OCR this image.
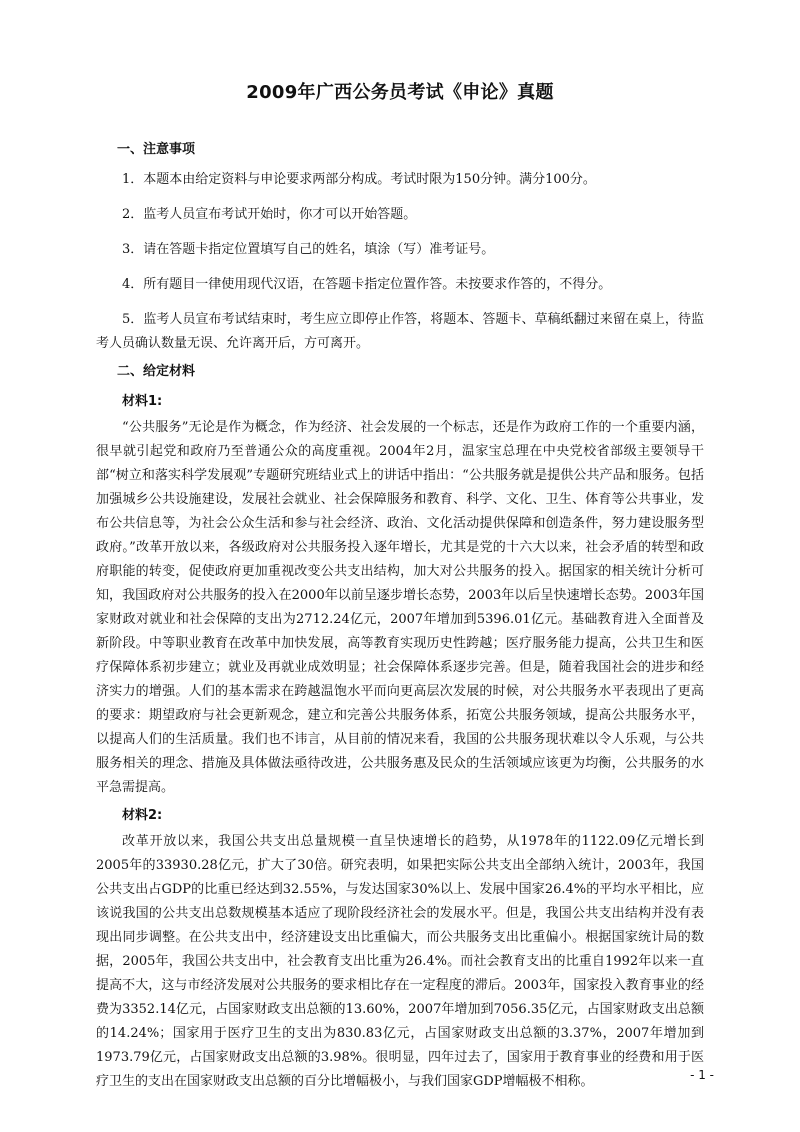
2009年广西公务员考试《申论》真题
一、注意事项

1．本题本由给定资料与申论要求两部分构成。考试时限为150分钟。满分100分。

2．监考人员宣布考试开始时，你才可以开始答题。

3．请在答题卡指定位置填写自己的姓名，填涂（写）准考证号。

4．所有题目一律使用现代汉语，在答题卡指定位置作答。未按要求作答的，不得分。

5．监考人员宣布考试结束时，考生应立即停止作答，将题本、答题卡、草稿纸翻过来留在桌上，待监考人员确认数量无误、允许离开后，方可离开。

二、给定材料
材料1:

“公共服务”无论是作为概念，作为经济、社会发展的一个标志，还是作为政府工作的一个重要内涵，很早就引起党和政府乃至普通公众的高度重视。2004年2月，温家宝总理在中央党校省部级主要领导干部“树立和落实科学发展观”专题研究班结业式上的讲话中指出：“公共服务就是提供公共产品和服务。包括加强城乡公共设施建设，发展社会就业、社会保障服务和教育、科学、文化、卫生、体育等公共事业，发布公共信息等，为社会公众生活和参与社会经济、政治、文化活动提供保障和创造条件，努力建设服务型政府。”改革开放以来，各级政府对公共服务投入逐年增长，尤其是党的十六大以来，社会矛盾的转型和政府职能的转变，促使政府更加重视改变公共支出结构，加大对公共服务的投入。据国家的相关统计分析可知，我国政府对公共服务的投入在2000年以前呈逐步增长态势，2003年以后呈快速增长态势。2003年国家财政对就业和社会保障的支出为2712.24亿元，2007年增加到5396.01亿元。基础教育进入全面普及新阶段。中等职业教育在改革中加快发展，高等教育实现历史性跨越；医疗服务能力提高，公共卫生和医疗保障体系初步建立；就业及再就业成效明显；社会保障体系逐步完善。但是，随着我国社会的进步和经济实力的增强。人们的基本需求在跨越温饱水平而向更高层次发展的时候，对公共服务水平表现出了更高的要求：期望政府与社会更新观念，建立和完善公共服务体系，拓宽公共服务领域，提高公共服务水平，以提高人们的生活质量。我们也不讳言，从目前的情况来看，我国的公共服务现状难以令人乐观，与公共服务相关的理念、措施及具体做法亟待改进，公共服务惠及民众的生活领域应该更为均衡，公共服务的水平急需提高。

材料2:

改革开放以来，我国公共支出总量规模一直呈快速增长的趋势，从1978年的1122.09亿元增长到2005年的33930.28亿元，扩大了30倍。研究表明，如果把实际公共支出全部纳入统计，2003年，我国公共支出占GDP的比重已经达到32.55%，与发达国家30%以上、发展中国家26.4%的平均水平相比，应该说我国的公共支出总数规模基本适应了现阶段经济社会的发展水平。但是，我国公共支出结构并没有表现出同步调整。在公共支出中，经济建设支出比重偏大，而公共服务支出比重偏小。根据国家统计局的数据，2005年，我国公共支出中，社会教育支出比重为26.4%。而社会教育支出的比重自1992年以来一直提高不大，这与市经济发展对公共服务的要求相比存在一定程度的滞后。2003年，国家投入教育事业的经费为3352.14亿元，占国家财政支出总额的13.60%，2007年增加到7056.35亿元，占国家财政支出总额的14.24%；国家用于医疗卫生的支出为830.83亿元，占国家财政支出总额的3.37%，2007年增加到1973.79亿元，占国家财政支出总额的3.98%。很明显，四年过去了，国家用于教育事业的经费和用于医疗卫生的支出在国家财政支出总额的百分比增幅极小，与我们国家GDP增幅极不相称。	- 1 -
